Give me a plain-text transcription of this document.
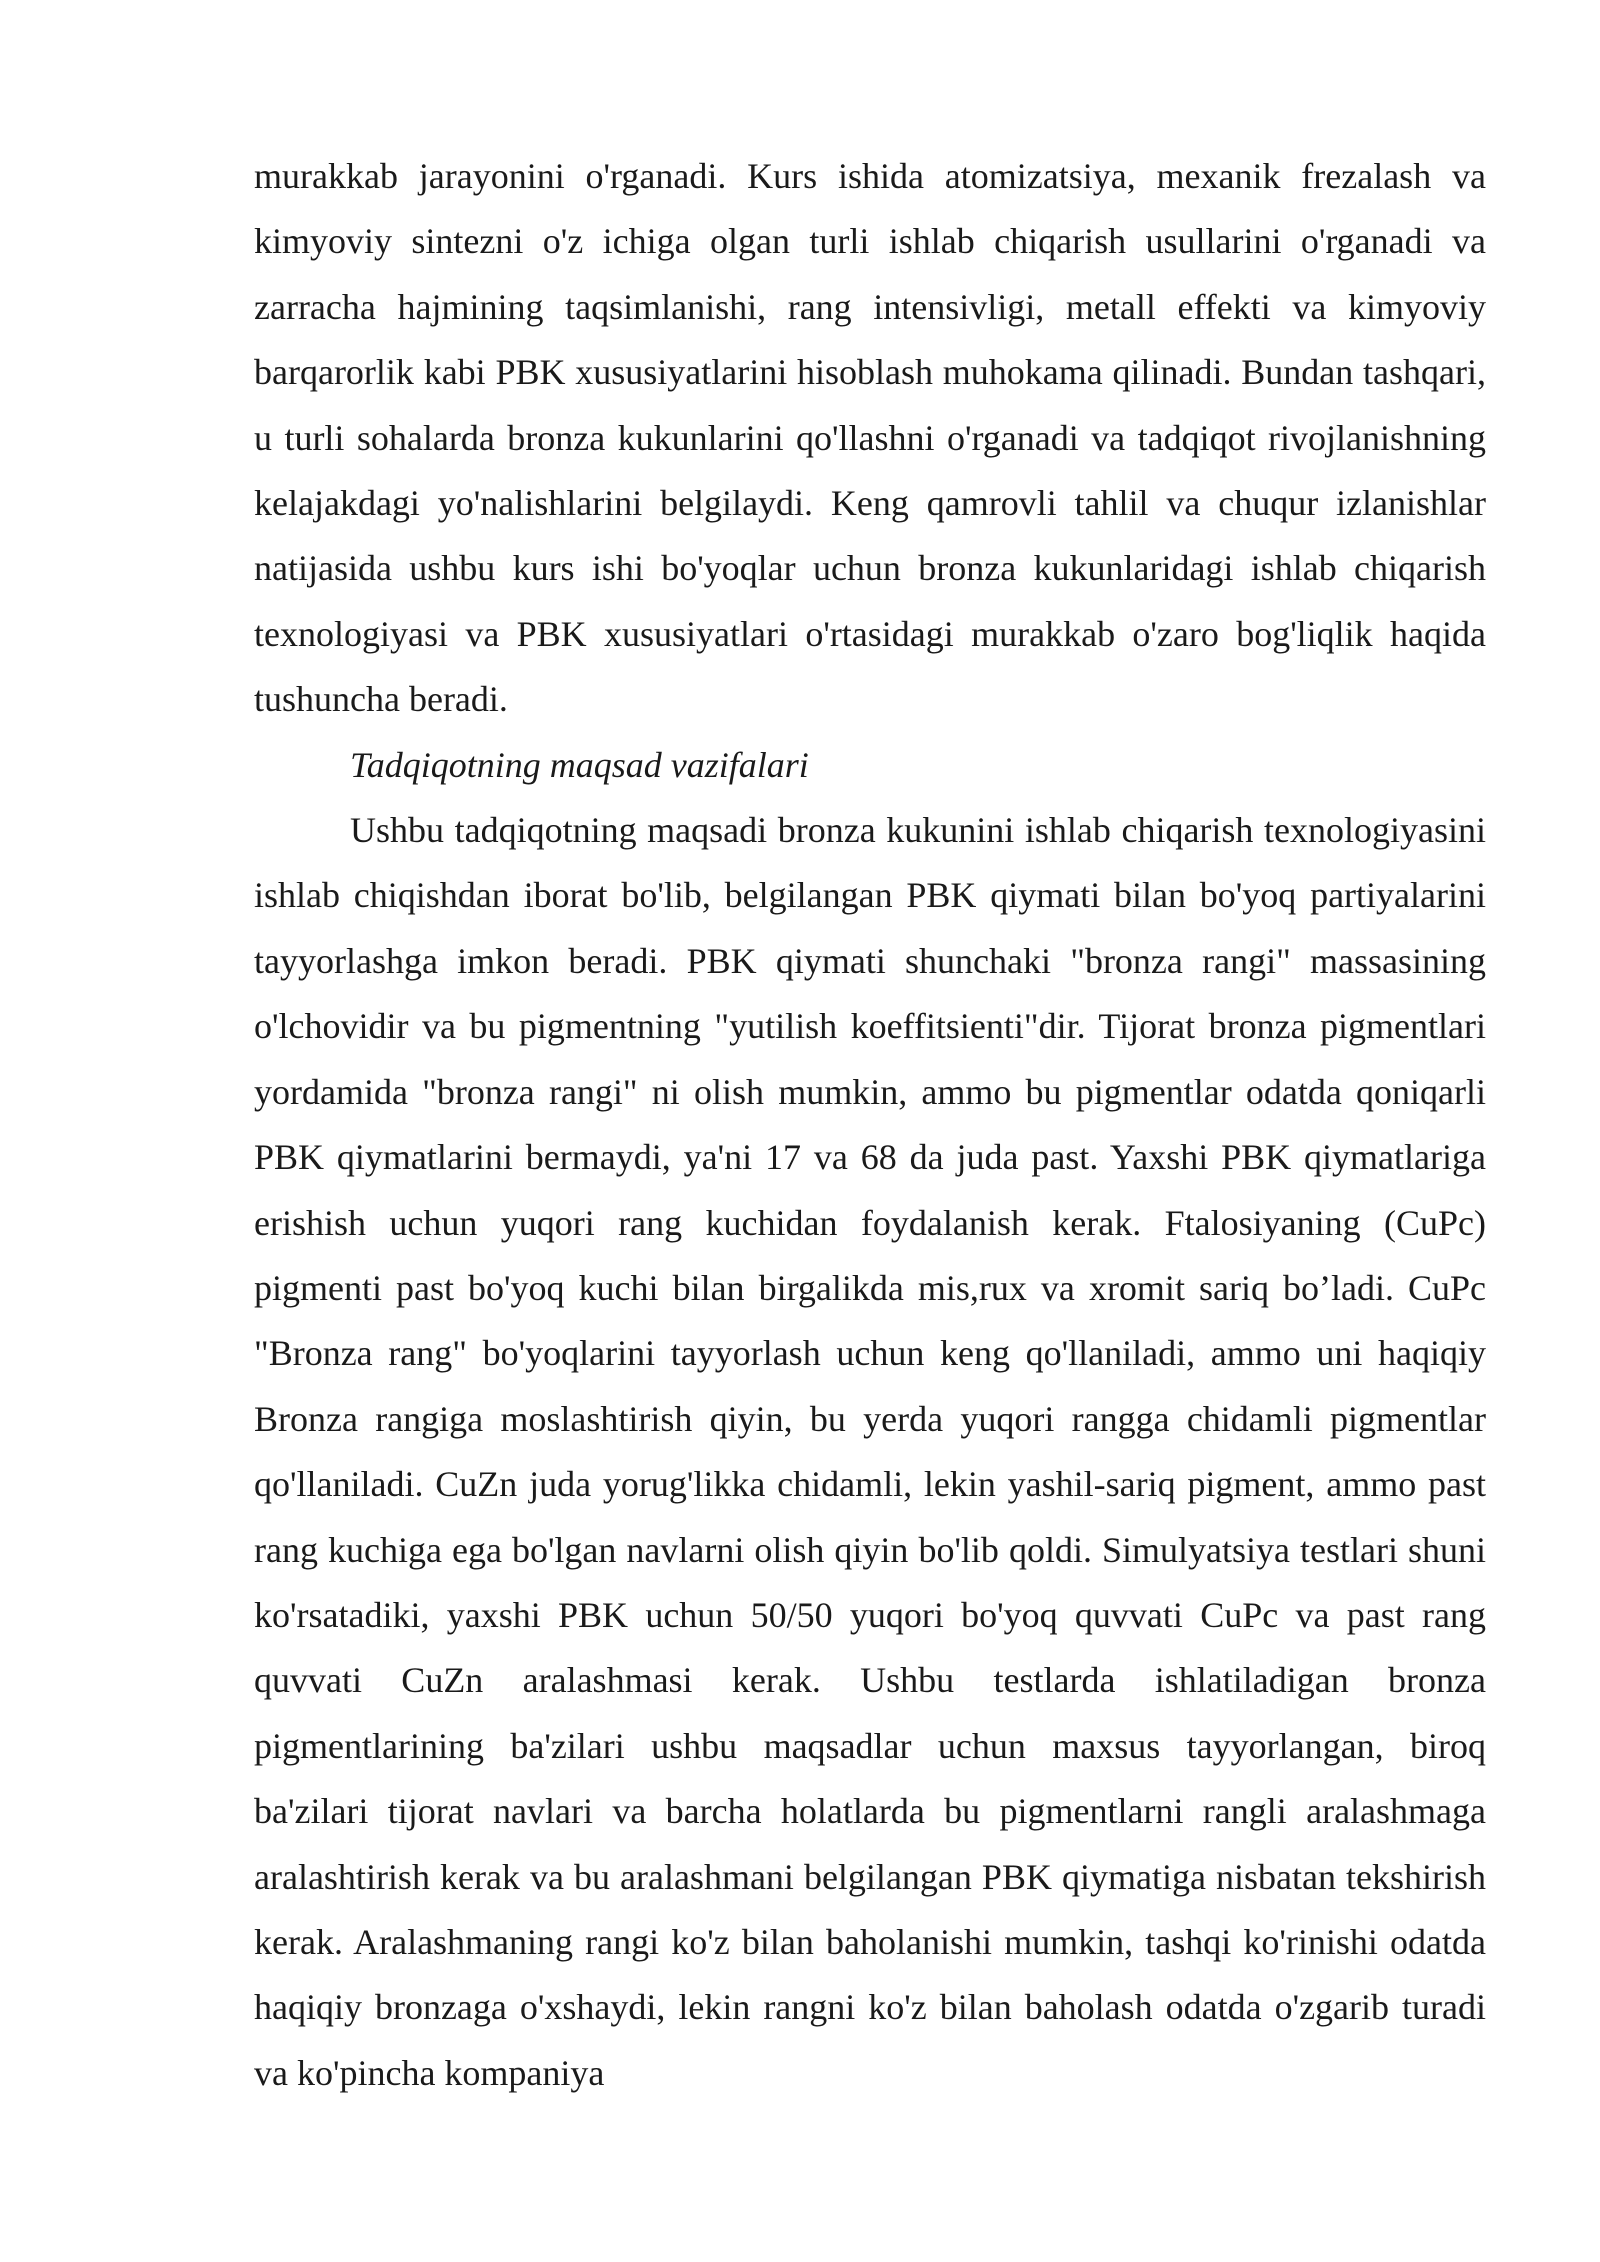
murakkab jarayonini o'rganadi. Kurs ishida atomizatsiya, mexanik frezalash va kimyoviy sintezni o'z ichiga olgan turli ishlab chiqarish usullarini o'rganadi va zarracha hajmining taqsimlanishi, rang intensivligi, metall effekti va kimyoviy barqarorlik kabi PBK xususiyatlarini hisoblash muhokama qilinadi. Bundan tashqari, u turli sohalarda bronza kukunlarini qo'llashni o'rganadi va tadqiqot rivojlanishning kelajakdagi yo'nalishlarini belgilaydi. Keng qamrovli tahlil va chuqur izlanishlar natijasida ushbu kurs ishi bo'yoqlar uchun bronza kukunlaridagi ishlab chiqarish texnologiyasi va PBK xususiyatlari o'rtasidagi murakkab o'zaro bog'liqlik haqida tushuncha beradi.

Tadqiqotning maqsad vazifalari

Ushbu tadqiqotning maqsadi bronza kukunini ishlab chiqarish texnologiyasini ishlab chiqishdan iborat bo'lib, belgilangan PBK qiymati bilan bo'yoq partiyalarini tayyorlashga imkon beradi. PBK qiymati shunchaki "bronza rangi" massasining o'lchovidir va bu pigmentning "yutilish koeffitsienti"dir. Tijorat bronza pigmentlari yordamida "bronza rangi" ni olish mumkin, ammo bu pigmentlar odatda qoniqarli PBK qiymatlarini bermaydi, ya'ni 17 va 68 da juda past. Yaxshi PBK qiymatlariga erishish uchun yuqori rang kuchidan foydalanish kerak. Ftalosiyaning (CuPc) pigmenti past bo'yoq kuchi bilan birgalikda mis,rux va xromit sariq bo’ladi. CuPc "Bronza rang" bo'yoqlarini tayyorlash uchun keng qo'llaniladi, ammo uni haqiqiy Bronza rangiga moslashtirish qiyin, bu yerda yuqori rangga chidamli pigmentlar qo'llaniladi. CuZn juda yorug'likka chidamli, lekin yashil-sariq pigment, ammo past rang kuchiga ega bo'lgan navlarni olish qiyin bo'lib qoldi. Simulyatsiya testlari shuni ko'rsatadiki, yaxshi PBK uchun 50/50 yuqori bo'yoq quvvati CuPc va past rang quvvati CuZn aralashmasi kerak. Ushbu testlarda ishlatiladigan bronza pigmentlarining ba'zilari ushbu maqsadlar uchun maxsus tayyorlangan, biroq ba'zilari tijorat navlari va barcha holatlarda bu pigmentlarni rangli aralashmaga aralashtirish kerak va bu aralashmani belgilangan PBK qiymatiga nisbatan tekshirish kerak. Aralashmaning rangi ko'z bilan baholanishi mumkin, tashqi ko'rinishi odatda haqiqiy bronzaga o'xshaydi, lekin rangni ko'z bilan baholash odatda o'zgarib turadi va ko'pincha kompaniya
